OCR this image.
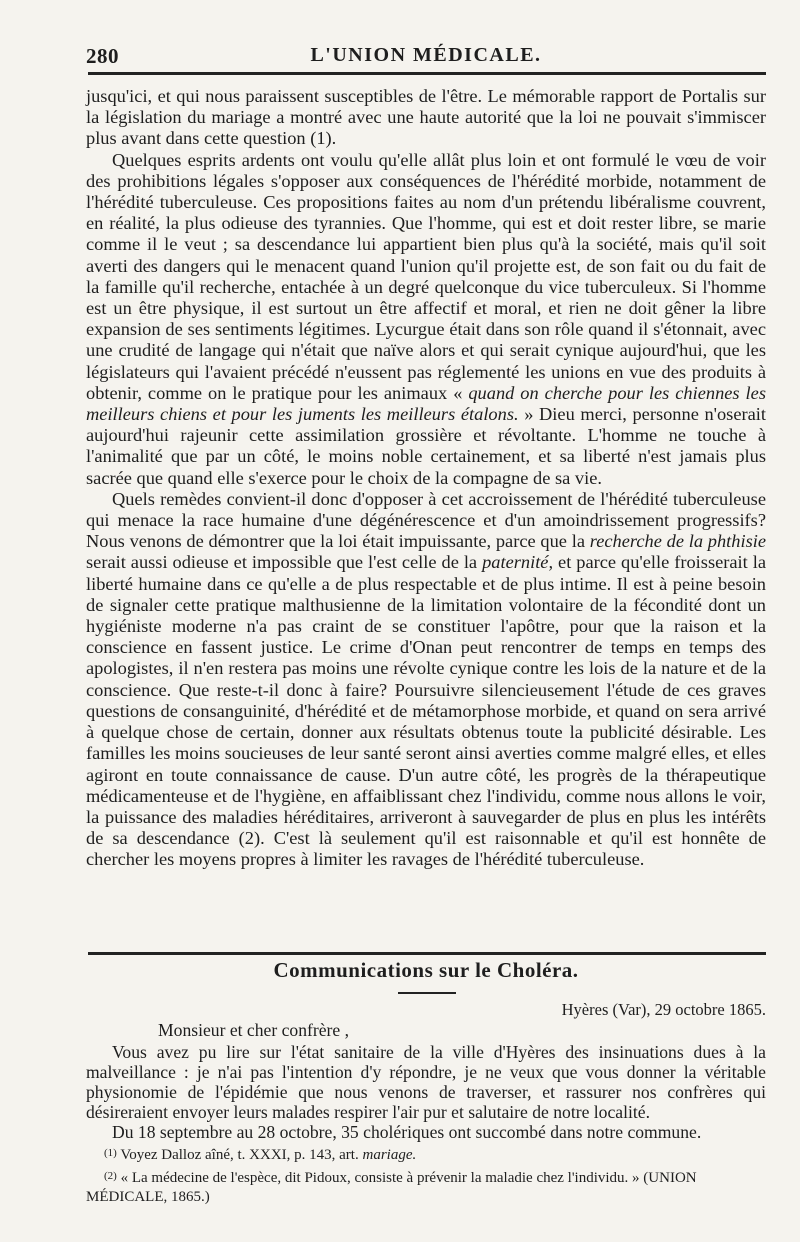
280	L'UNION MÉDICALE.

jusqu'ici, et qui nous paraissent susceptibles de l'être. Le mémorable rapport de Portalis sur la législation du mariage a montré avec une haute autorité que la loi ne pouvait s'immiscer plus avant dans cette question (1).

Quelques esprits ardents ont voulu qu'elle allât plus loin et ont formulé le vœu de voir des prohibitions légales s'opposer aux conséquences de l'hérédité morbide, notamment de l'hérédité tuberculeuse. Ces propositions faites au nom d'un prétendu libéralisme couvrent, en réalité, la plus odieuse des tyrannies. Que l'homme, qui est et doit rester libre, se marie comme il le veut ; sa descendance lui appartient bien plus qu'à la société, mais qu'il soit averti des dangers qui le menacent quand l'union qu'il projette est, de son fait ou du fait de la famille qu'il recherche, entachée à un degré quelconque du vice tuberculeux. Si l'homme est un être physique, il est surtout un être affectif et moral, et rien ne doit gêner la libre expansion de ses sentiments légitimes. Lycurgue était dans son rôle quand il s'étonnait, avec une crudité de langage qui n'était que naïve alors et qui serait cynique aujourd'hui, que les législateurs qui l'avaient précédé n'eussent pas réglementé les unions en vue des produits à obtenir, comme on le pratique pour les animaux « quand on cherche pour les chiennes les meilleurs chiens et pour les juments les meilleurs étalons. » Dieu merci, personne n'oserait aujourd'hui rajeunir cette assimilation grossière et révoltante. L'homme ne touche à l'animalité que par un côté, le moins noble certainement, et sa liberté n'est jamais plus sacrée que quand elle s'exerce pour le choix de la compagne de sa vie.

Quels remèdes convient-il donc d'opposer à cet accroissement de l'hérédité tuberculeuse qui menace la race humaine d'une dégénérescence et d'un amoindrissement progressifs? Nous venons de démontrer que la loi était impuissante, parce que la recherche de la phthisie serait aussi odieuse et impossible que l'est celle de la paternité, et parce qu'elle froisserait la liberté humaine dans ce qu'elle a de plus respectable et de plus intime. Il est à peine besoin de signaler cette pratique malthusienne de la limitation volontaire de la fécondité dont un hygiéniste moderne n'a pas craint de se constituer l'apôtre, pour que la raison et la conscience en fassent justice. Le crime d'Onan peut rencontrer de temps en temps des apologistes, il n'en restera pas moins une révolte cynique contre les lois de la nature et de la conscience. Que reste-t-il donc à faire? Poursuivre silencieusement l'étude de ces graves questions de consanguinité, d'hérédité et de métamorphose morbide, et quand on sera arrivé à quelque chose de certain, donner aux résultats obtenus toute la publicité désirable. Les familles les moins soucieuses de leur santé seront ainsi averties comme malgré elles, et elles agiront en toute connaissance de cause. D'un autre côté, les progrès de la thérapeutique médicamenteuse et de l'hygiène, en affaiblissant chez l'individu, comme nous allons le voir, la puissance des maladies héréditaires, arriveront à sauvegarder de plus en plus les intérêts de sa descendance (2). C'est là seulement qu'il est raisonnable et qu'il est honnête de chercher les moyens propres à limiter les ravages de l'hérédité tuberculeuse.

Communications sur le Choléra.

Hyères (Var), 29 octobre 1865.

Monsieur et cher confrère ,

Vous avez pu lire sur l'état sanitaire de la ville d'Hyères des insinuations dues à la malveillance : je n'ai pas l'intention d'y répondre, je ne veux que vous donner la véritable physionomie de l'épidémie que nous venons de traverser, et rassurer nos confrères qui désireraient envoyer leurs malades respirer l'air pur et salutaire de notre localité.

Du 18 septembre au 28 octobre, 35 cholériques ont succombé dans notre commune.

$^{(1)}$ Voyez Dalloz aîné, t. XXXI, p. 143, art. mariage.

$^{(2)}$ « La médecine de l'espèce, dit Pidoux, consiste à prévenir la maladie chez l'individu. » (UNION MÉDICALE, 1865.)
